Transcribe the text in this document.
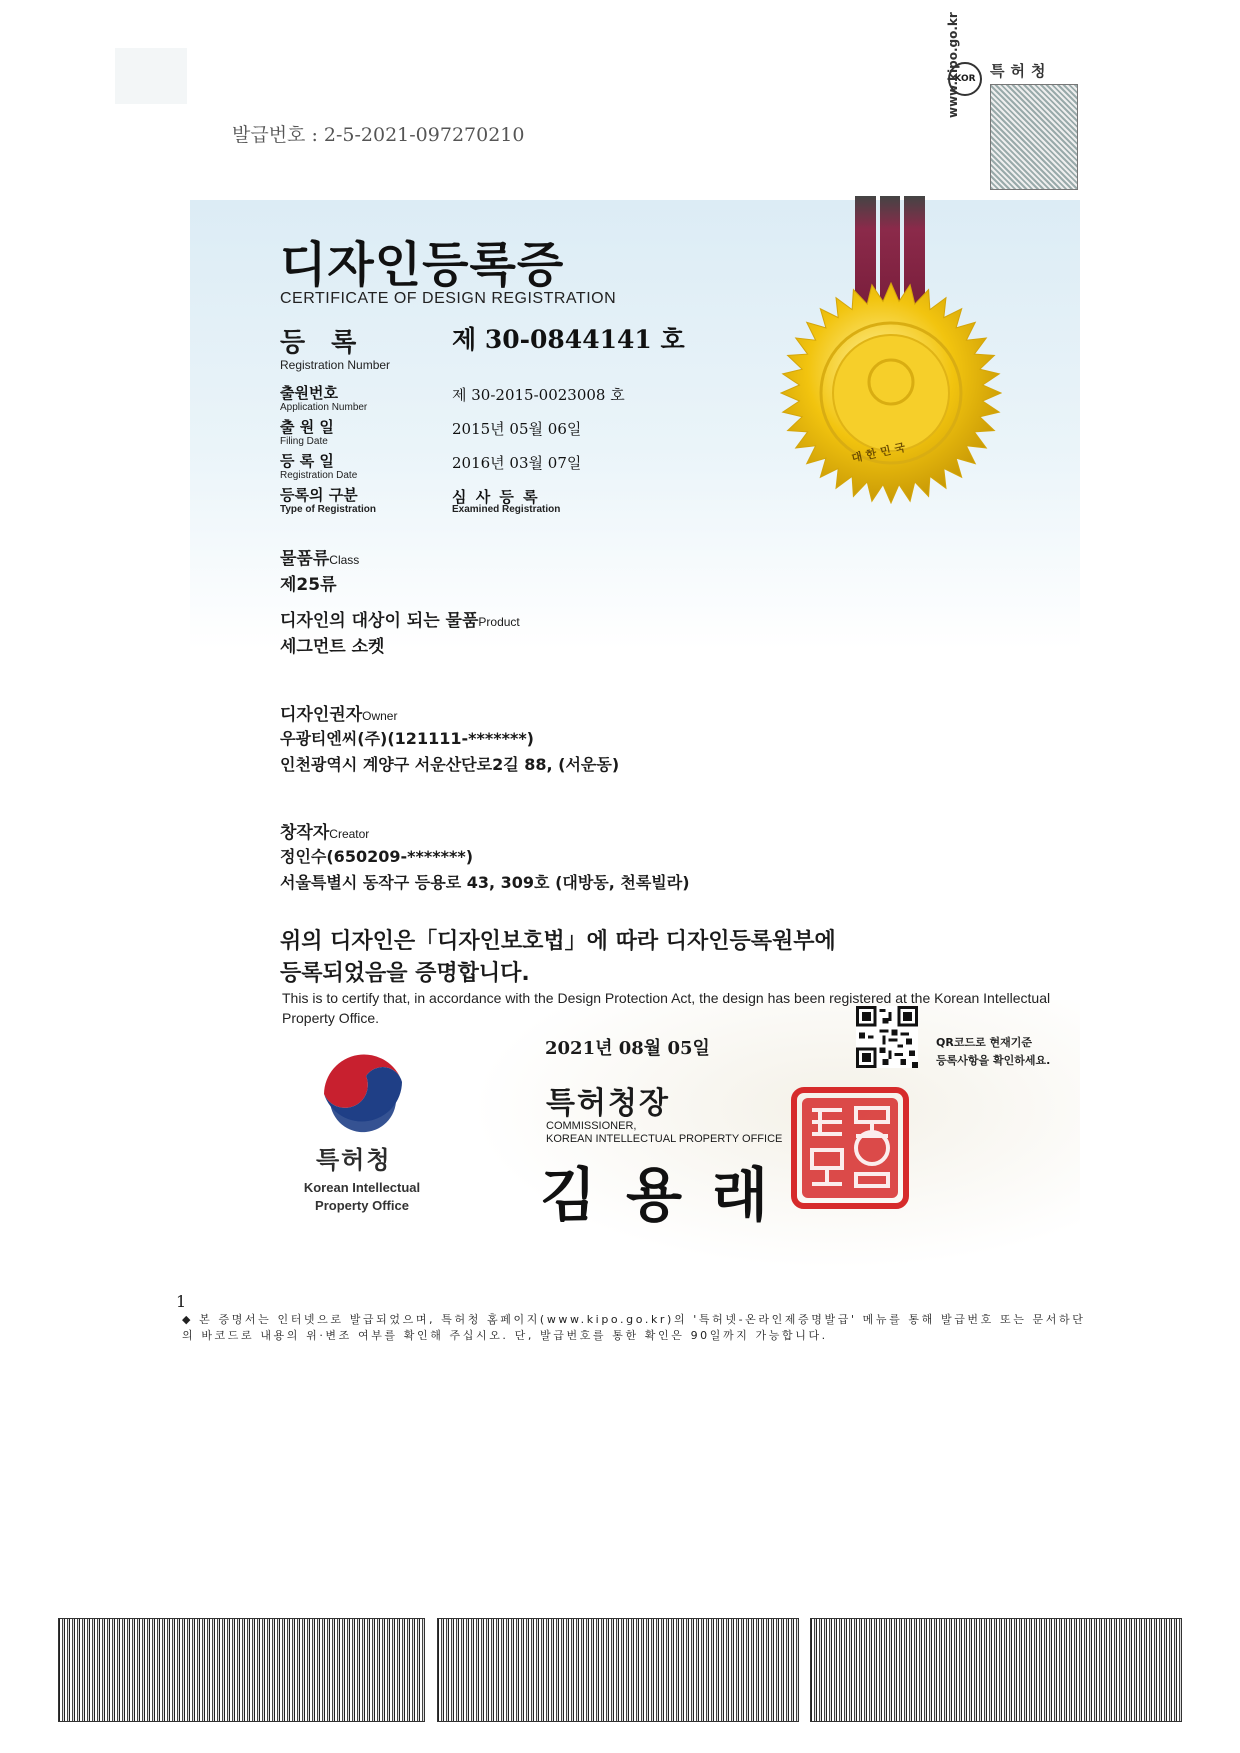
발급번호 : 2-5-2021-097270210
KOR
www.kipo.go.kr 특허청
디자인등록증
CERTIFICATE OF DESIGN REGISTRATION
등록
Registration Number
제 30-0844141 호
출원번호
Application Number
제 30-2015-0023008 호
출 원 일
Filing Date
2015년 05월 06일
등 록 일
Registration Date
2016년 03월 07일
등록의 구분
Type of Registration
심 사 등 록
Examined Registration
대한민국
물품류Class
제25류
디자인의 대상이 되는 물품Product
세그먼트 소켓
디자인권자Owner
우광티엔씨(주)(121111-*******)
인천광역시 계양구 서운산단로2길 88, (서운동)
창작자Creator
정인수(650209-*******)
서울특별시 동작구 등용로 43, 309호 (대방동, 천록빌라)
위의 디자인은「디자인보호법」에 따라 디자인등록원부에
등록되었음을 증명합니다.
This is to certify that, in accordance with the Design Protection Act, the design has been registered at the Korean Intellectual Property Office.
2021년 08월 05일	QR코드로 현재기준
등록사항을 확인하세요.
특허청
Korean Intellectual
Property Office
특허청장
COMMISSIONER,
KOREAN INTELLECTUAL PROPERTY OFFICE
김용래
1
◆ 본 증명서는 인터넷으로 발급되었으며, 특허청 홈페이지(www.kipo.go.kr)의 '특허넷-온라인제증명발급' 메뉴를 통해 발급번호 또는 문서하단의 바코드로 내용의 위·변조 여부를 확인해 주십시오. 단, 발급번호를 통한 확인은 90일까지 가능합니다.
